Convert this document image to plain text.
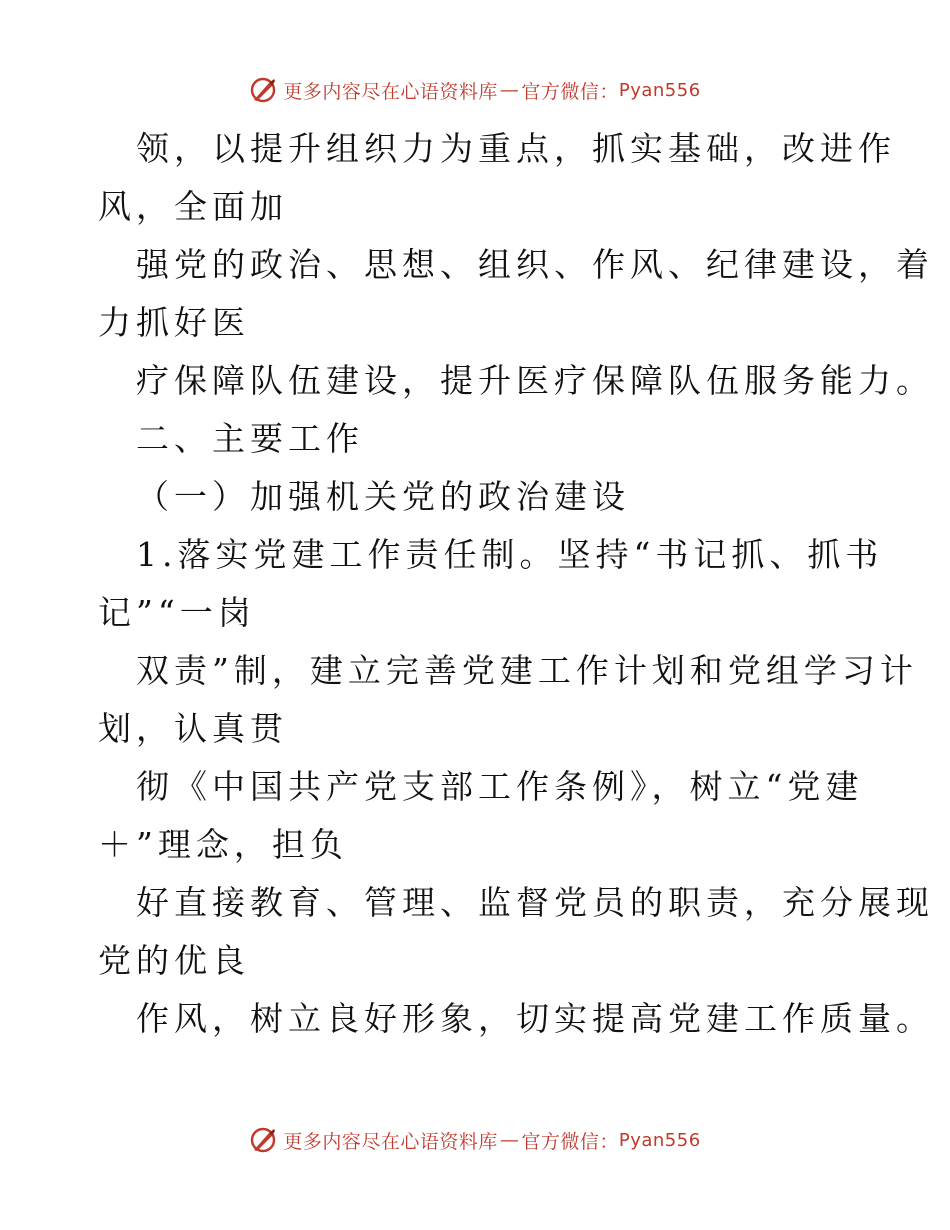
更多内容尽在心语资料库 — 官方微信： Pyan556
领，以提升组织力为重点，抓实基础，改进作
风，全面加
强党的政治、思想、组织、作风、纪律建设，着
力抓好医
疗保障队伍建设，提升医疗保障队伍服务能力。
二、主要工作
（一）加强机关党的政治建设
1.落实党建工作责任制。坚持“书记抓、抓书
记”“一岗
双责”制，建立完善党建工作计划和党组学习计
划，认真贯
彻《中国共产党支部工作条例》，树立“党建
＋”理念，担负
好直接教育、管理、监督党员的职责，充分展现
党的优良
作风，树立良好形象，切实提高党建工作质量。
更多内容尽在心语资料库 — 官方微信： Pyan556
